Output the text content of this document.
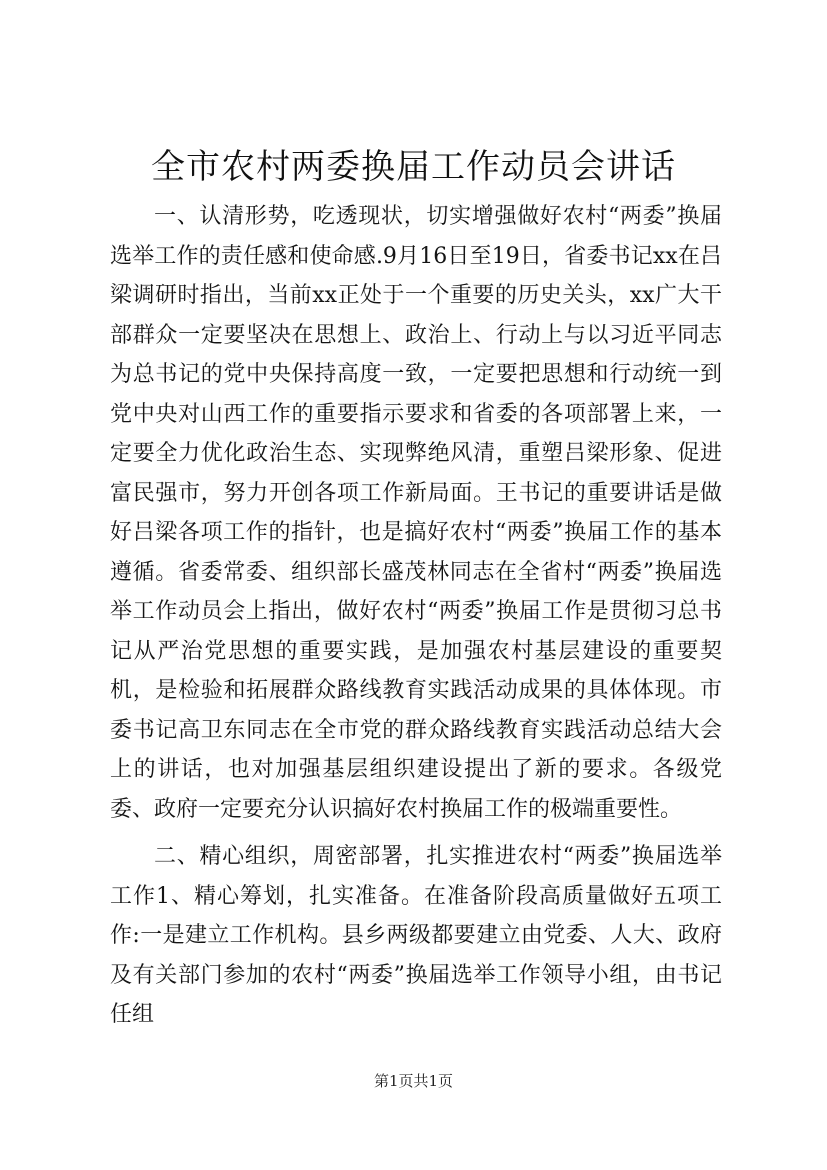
全市农村两委换届工作动员会讲话

一、认清形势，吃透现状，切实增强做好农村“两委”换届选举工作的责任感和使命感.9月16日至19日，省委书记xx在吕梁调研时指出，当前xx正处于一个重要的历史关头，xx广大干部群众一定要坚决在思想上、政治上、行动上与以习近平同志为总书记的党中央保持高度一致，一定要把思想和行动统一到党中央对山西工作的重要指示要求和省委的各项部署上来，一定要全力优化政治生态、实现弊绝风清，重塑吕梁形象、促进富民强市，努力开创各项工作新局面。王书记的重要讲话是做好吕梁各项工作的指针，也是搞好农村“两委”换届工作的基本遵循。省委常委、组织部长盛茂林同志在全省村“两委”换届选举工作动员会上指出，做好农村“两委”换届工作是贯彻习总书记从严治党思想的重要实践，是加强农村基层建设的重要契机，是检验和拓展群众路线教育实践活动成果的具体体现。市委书记高卫东同志在全市党的群众路线教育实践活动总结大会上的讲话，也对加强基层组织建设提出了新的要求。各级党委、政府一定要充分认识搞好农村换届工作的极端重要性。

二、精心组织，周密部署，扎实推进农村“两委”换届选举工作1、精心筹划，扎实准备。在准备阶段高质量做好五项工作:一是建立工作机构。县乡两级都要建立由党委、人大、政府及有关部门参加的农村“两委”换届选举工作领导小组，由书记任组

第1页共1页
